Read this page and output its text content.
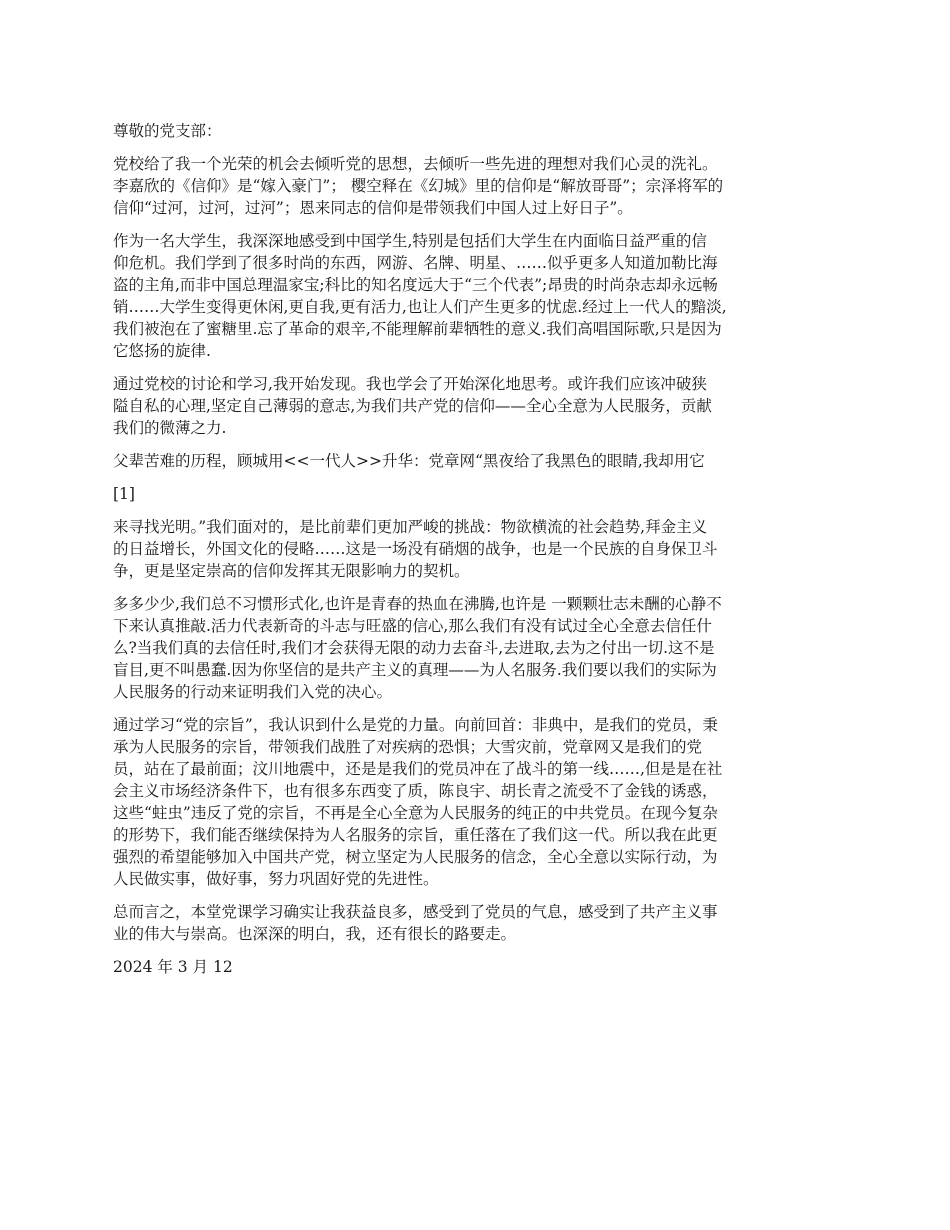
尊敬的党支部：

党校给了我一个光荣的机会去倾听党的思想，去倾听一些先进的理想对我们心灵的洗礼。
李嘉欣的《信仰》是“嫁入豪门”； 樱空释在《幻城》里的信仰是“解放哥哥”；宗泽将军的
信仰“过河，过河，过河”；恩来同志的信仰是带领我们中国人过上好日子”。

作为一名大学生，我深深地感受到中国学生,特别是包括们大学生在内面临日益严重的信
仰危机。我们学到了很多时尚的东西，网游、名牌、明星、……似乎更多人知道加勒比海
盗的主角,而非中国总理温家宝;科比的知名度远大于“三个代表”;昂贵的时尚杂志却永远畅
销……大学生变得更休闲,更自我,更有活力,也让人们产生更多的忧虑.经过上一代人的黯淡,
我们被泡在了蜜糖里.忘了革命的艰辛,不能理解前辈牺牲的意义.我们高唱国际歌,只是因为
它悠扬的旋律.

通过党校的讨论和学习,我开始发现。我也学会了开始深化地思考。或许我们应该冲破狭
隘自私的心理,坚定自己薄弱的意志,为我们共产党的信仰——全心全意为人民服务，贡献
我们的微薄之力.

父辈苦难的历程，顾城用<<一代人>>升华：党章网“黑夜给了我黑色的眼睛,我却用它

[1]

来寻找光明。”我们面对的，是比前辈们更加严峻的挑战：物欲横流的社会趋势,拜金主义
的日益增长，外国文化的侵略……这是一场没有硝烟的战争，也是一个民族的自身保卫斗
争，更是坚定崇高的信仰发挥其无限影响力的契机。

多多少少,我们总不习惯形式化,也许是青春的热血在沸腾,也许是 一颗颗壮志未酬的心静不
下来认真推敲.活力代表新奇的斗志与旺盛的信心,那么我们有没有试过全心全意去信任什
么?当我们真的去信任时,我们才会获得无限的动力去奋斗,去进取,去为之付出一切.这不是
盲目,更不叫愚蠢.因为你坚信的是共产主义的真理——为人名服务.我们要以我们的实际为
人民服务的行动来证明我们入党的决心。

通过学习“党的宗旨”，我认识到什么是党的力量。向前回首：非典中，是我们的党员，秉
承为人民服务的宗旨，带领我们战胜了对疾病的恐惧；大雪灾前，党章网又是我们的党
员，站在了最前面；汶川地震中，还是是我们的党员冲在了战斗的第一线……,但是是在社
会主义市场经济条件下，也有很多东西变了质，陈良宇、胡长青之流受不了金钱的诱惑，
这些“蛀虫”违反了党的宗旨，不再是全心全意为人民服务的纯正的中共党员。在现今复杂
的形势下，我们能否继续保持为人名服务的宗旨，重任落在了我们这一代。所以我在此更
强烈的希望能够加入中国共产党，树立坚定为人民服务的信念，全心全意以实际行动，为
人民做实事，做好事，努力巩固好党的先进性。

总而言之，本堂党课学习确实让我获益良多，感受到了党员的气息，感受到了共产主义事
业的伟大与崇高。也深深的明白，我，还有很长的路要走。

2024 年 3 月 12
